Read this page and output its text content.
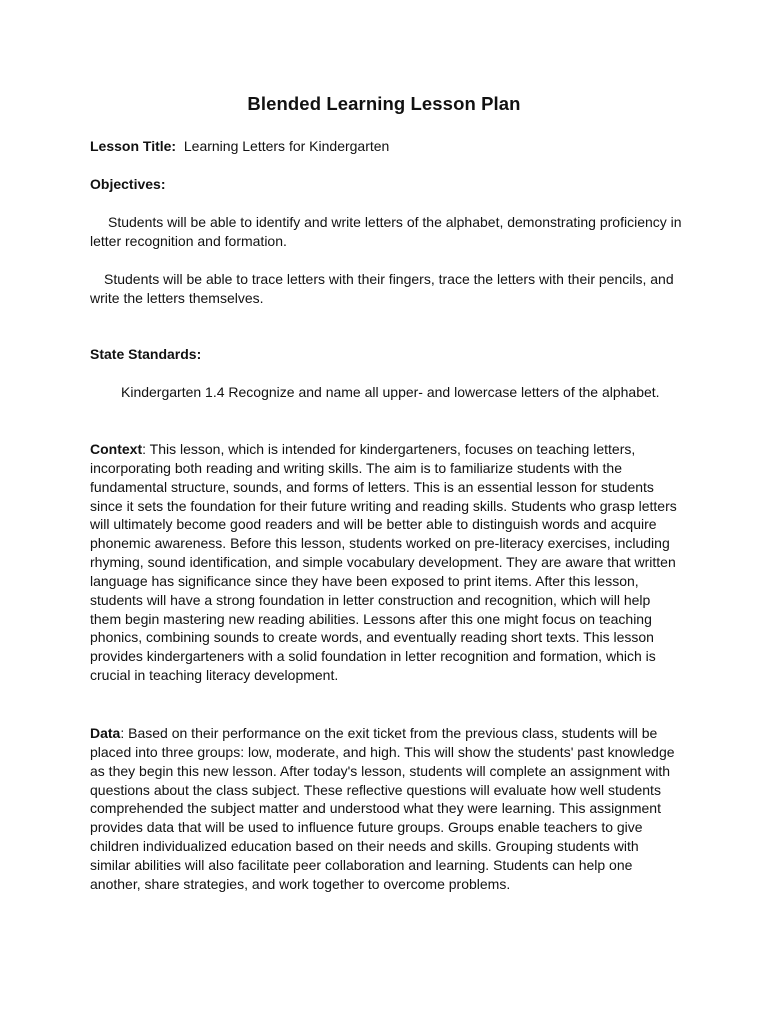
Blended Learning Lesson Plan
Lesson Title: Learning Letters for Kindergarten
Objectives:
Students will be able to identify and write letters of the alphabet, demonstrating proficiency in letter recognition and formation.
Students will be able to trace letters with their fingers, trace the letters with their pencils, and write the letters themselves.
State Standards:
Kindergarten 1.4 Recognize and name all upper- and lowercase letters of the alphabet.
Context: This lesson, which is intended for kindergarteners, focuses on teaching letters, incorporating both reading and writing skills. The aim is to familiarize students with the fundamental structure, sounds, and forms of letters. This is an essential lesson for students since it sets the foundation for their future writing and reading skills. Students who grasp letters will ultimately become good readers and will be better able to distinguish words and acquire phonemic awareness. Before this lesson, students worked on pre-literacy exercises, including rhyming, sound identification, and simple vocabulary development. They are aware that written language has significance since they have been exposed to print items. After this lesson, students will have a strong foundation in letter construction and recognition, which will help them begin mastering new reading abilities. Lessons after this one might focus on teaching phonics, combining sounds to create words, and eventually reading short texts. This lesson provides kindergarteners with a solid foundation in letter recognition and formation, which is crucial in teaching literacy development.
Data: Based on their performance on the exit ticket from the previous class, students will be placed into three groups: low, moderate, and high. This will show the students' past knowledge as they begin this new lesson. After today's lesson, students will complete an assignment with questions about the class subject. These reflective questions will evaluate how well students comprehended the subject matter and understood what they were learning. This assignment provides data that will be used to influence future groups. Groups enable teachers to give children individualized education based on their needs and skills. Grouping students with similar abilities will also facilitate peer collaboration and learning. Students can help one another, share strategies, and work together to overcome problems.
